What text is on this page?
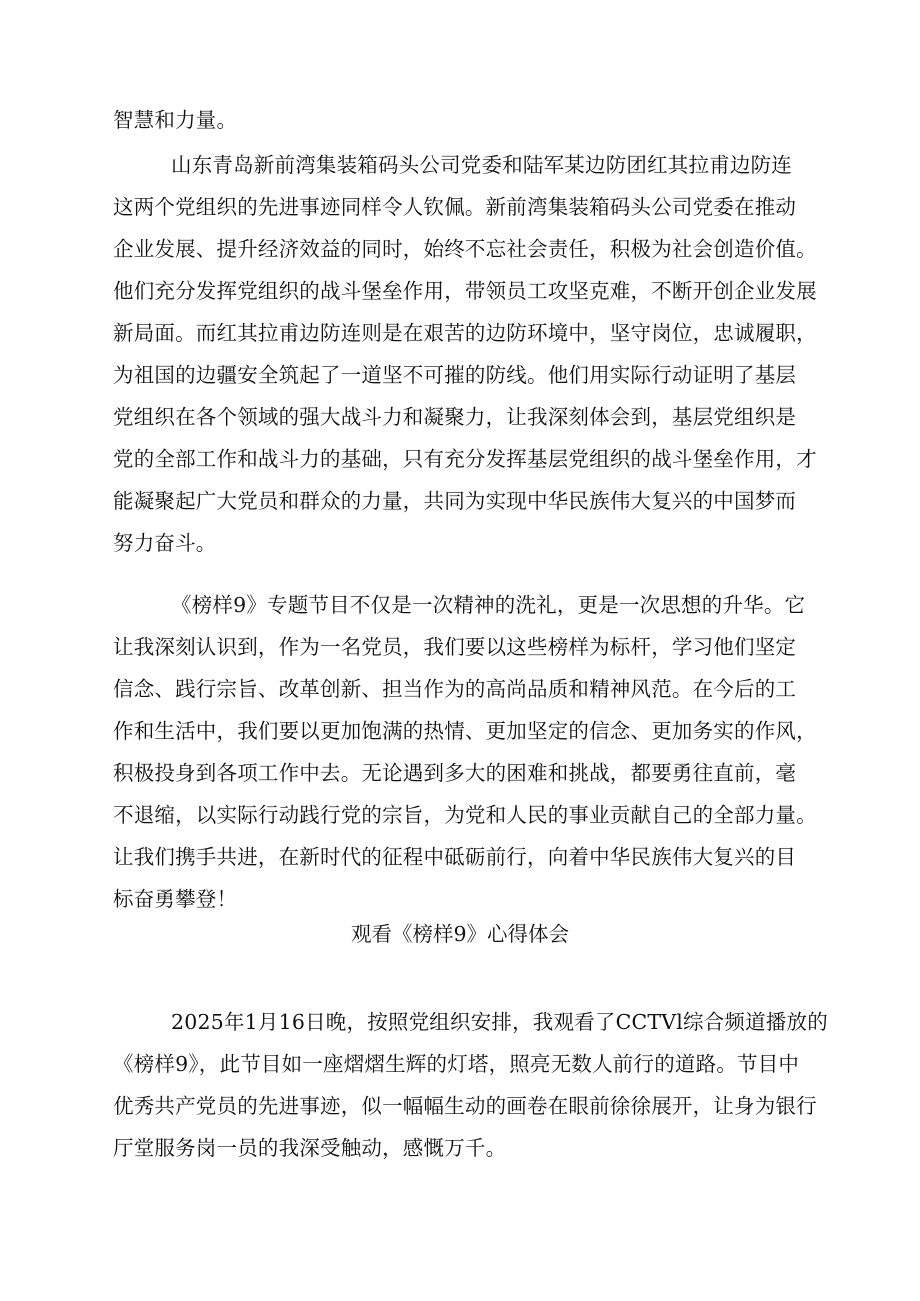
智慧和力量。
山东青岛新前湾集装箱码头公司党委和陆军某边防团红其拉甫边防连
这两个党组织的先进事迹同样令人钦佩。新前湾集装箱码头公司党委在推动
企业发展、提升经济效益的同时，始终不忘社会责任，积极为社会创造价值。
他们充分发挥党组织的战斗堡垒作用，带领员工攻坚克难，不断开创企业发展
新局面。而红其拉甫边防连则是在艰苦的边防环境中，坚守岗位，忠诚履职，
为祖国的边疆安全筑起了一道坚不可摧的防线。他们用实际行动证明了基层
党组织在各个领域的强大战斗力和凝聚力，让我深刻体会到，基层党组织是
党的全部工作和战斗力的基础，只有充分发挥基层党组织的战斗堡垒作用，才
能凝聚起广大党员和群众的力量，共同为实现中华民族伟大复兴的中国梦而
努力奋斗。
《榜样9》专题节目不仅是一次精神的洗礼，更是一次思想的升华。它
让我深刻认识到，作为一名党员，我们要以这些榜样为标杆，学习他们坚定
信念、践行宗旨、改革创新、担当作为的高尚品质和精神风范。在今后的工
作和生活中，我们要以更加饱满的热情、更加坚定的信念、更加务实的作风，
积极投身到各项工作中去。无论遇到多大的困难和挑战，都要勇往直前，毫
不退缩，以实际行动践行党的宗旨，为党和人民的事业贡献自己的全部力量。
让我们携手共进，在新时代的征程中砥砺前行，向着中华民族伟大复兴的目
标奋勇攀登！
观看《榜样9》心得体会
2025年1月16日晚，按照党组织安排，我观看了CCTVl综合频道播放的
《榜样9》，此节目如一座熠熠生辉的灯塔，照亮无数人前行的道路。节目中
优秀共产党员的先进事迹，似一幅幅生动的画卷在眼前徐徐展开，让身为银行
厅堂服务岗一员的我深受触动，感慨万千。
